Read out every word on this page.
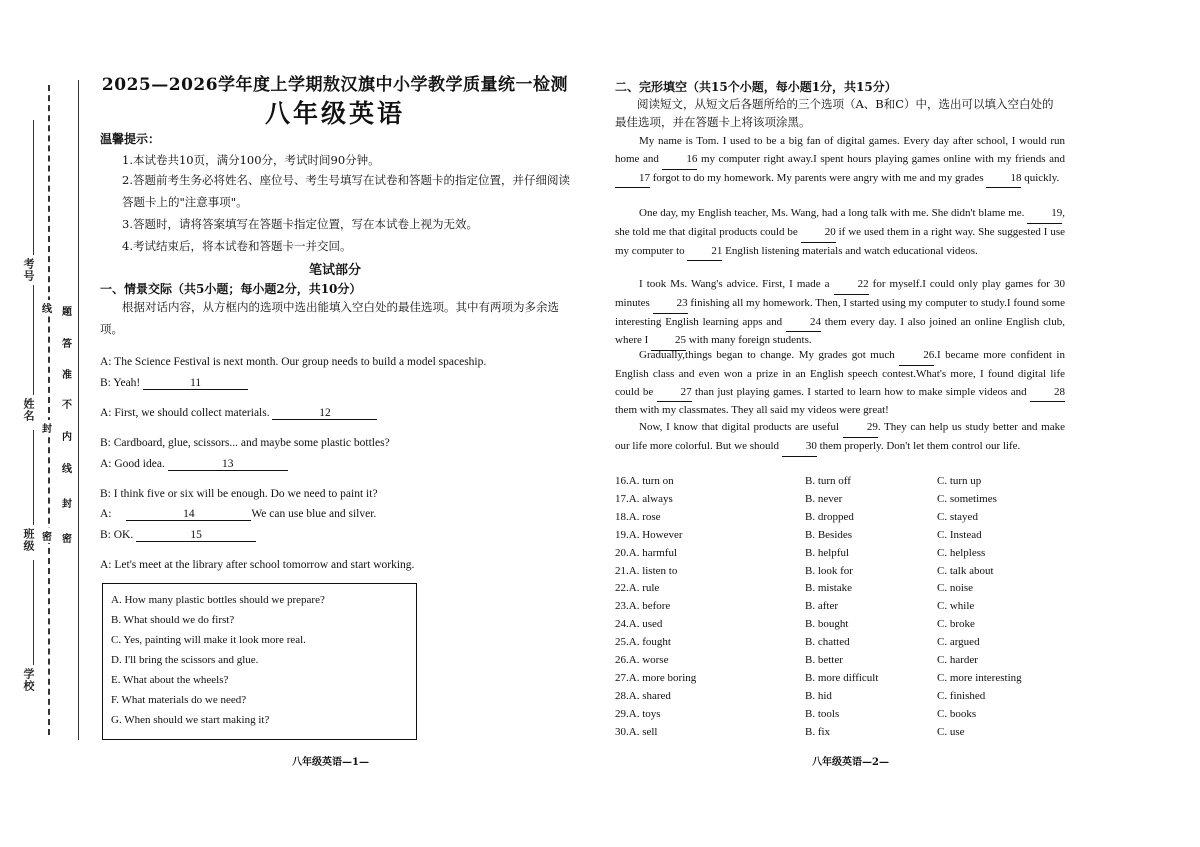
考号
姓名
班级
学校
线
封
密 密
封
线
内
不
准
答
题
2025—2026学年度上学期敖汉旗中小学教学质量统一检测
八年级英语
温馨提示：
1.本试卷共10页，满分100分，考试时间90分钟。
2.答题前考生务必将姓名、座位号、考生号填写在试卷和答题卡的指定位置，并仔细阅读答题卡上的"注意事项"。
3.答题时，请将答案填写在答题卡指定位置，写在本试卷上视为无效。
4.考试结束后，将本试卷和答题卡一并交回。
笔试部分
一、情景交际（共5小题；每小题2分，共10分）
根据对话内容，从方框内的选项中选出能填入空白处的最佳选项。其中有两项为多余选项。
A: The Science Festival is next month. Our group needs to build a model spaceship.
B: Yeah!	11
A: First, we should collect materials.	12
B: Cardboard, glue, scissors... and maybe some plastic bottles?
A: Good idea.	13
B: I think five or six will be enough. Do we need to paint it?
A:	14	We can use blue and silver.
B: OK.	15
A: Let's meet at the library after school tomorrow and start working.
A. How many plastic bottles should we prepare?
B. What should we do first?
C. Yes, painting will make it look more real.
D. I'll bring the scissors and glue.
E. What about the wheels?
F. What materials do we need?
G. When should we start making it?
八年级英语—1—
二、完形填空（共15个小题，每小题1分，共15分）
阅读短文，从短文后各题所给的三个选项（A、B和C）中，选出可以填入空白处的最佳选项，并在答题卡上将该项涂黑。
My name is Tom. I used to be a big fan of digital games. Every day after school, I would run home and 16 my computer right away.I spent hours playing games online with my friends and 17 forgot to do my homework. My parents were angry with me and my grades 18 quickly.
One day, my English teacher, Ms. Wang, had a long talk with me. She didn't blame me. 19, she told me that digital products could be 20 if we used them in a right way. She suggested I use my computer to 21 English listening materials and watch educational videos.
I took Ms. Wang's advice. First, I made a 22 for myself.I could only play games for 30 minutes 23 finishing all my homework. Then, I started using my computer to study.I found some interesting English learning apps and 24 them every day. I also joined an online English club, where I 25 with many foreign students.
Gradually,things began to change. My grades got much 26.I became more confident in English class and even won a prize in an English speech contest.What's more, I found digital life could be 27 than just playing games. I started to learn how to make simple videos and 28 them with my classmates. They all said my videos were great!
Now, I know that digital products are useful 29. They can help us study better and make our life more colorful. But we should 30 them properly. Don't let them control our life.
16.A. turn on	B. turn off	C. turn up
17.A. always	B. never	C. sometimes
18.A. rose	B. dropped	C. stayed
19.A. However	B. Besides	C. Instead
20.A. harmful	B. helpful	C. helpless
21.A. listen to	B. look for	C. talk about
22.A. rule	B. mistake	C. noise
23.A. before	B. after	C. while
24.A. used	B. bought	C. broke
25.A. fought	B. chatted	C. argued
26.A. worse	B. better	C. harder
27.A. more boring	B. more difficult	C. more interesting
28.A. shared	B. hid	C. finished
29.A. toys	B. tools	C. books
30.A. sell	B. fix	C. use
八年级英语—2—
